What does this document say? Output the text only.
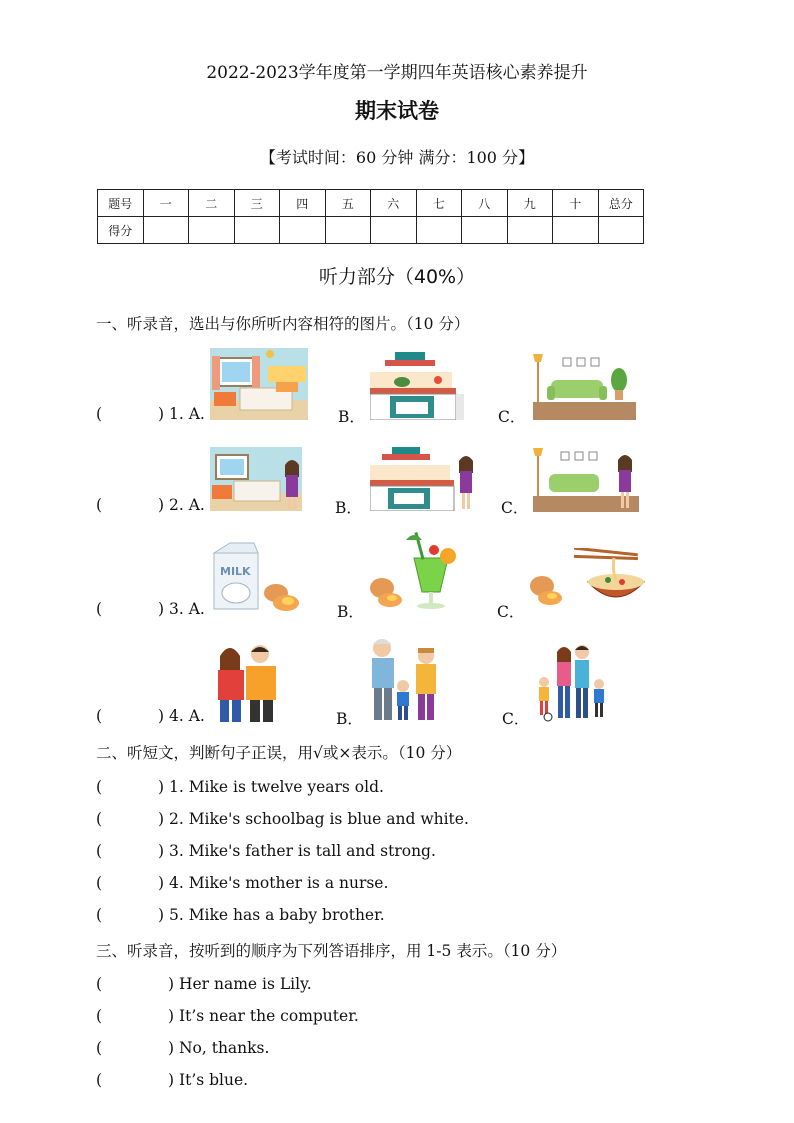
2022-2023学年度第一学期四年英语核心素养提升
期末试卷
【考试时间：60 分钟 满分：100 分】
题号	一	二	三	四	五	六	七	八	九	十	总分
得分											
听力部分（40%）
一、听录音，选出与你所听内容相符的图片。（10 分）
(	) 1. A.	B．	C．
(	) 2. A.	B．	C．
(	) 3. A.
MILK
B．	C．
(	) 4. A.	B．	C．
二、听短文，判断句子正误，用√或×表示。（10 分）
(	) 1. Mike is twelve years old.
(	) 2. Mike's schoolbag is blue and white.
(	) 3. Mike's father is tall and strong.
(	) 4. Mike's mother is a nurse.
(	) 5. Mike has a baby brother.
三、听录音，按听到的顺序为下列答语排序，用 1-5 表示。（10 分）
(	) Her name is Lily.
(	) It’s near the computer.
(	) No, thanks.
(	) It’s blue.
